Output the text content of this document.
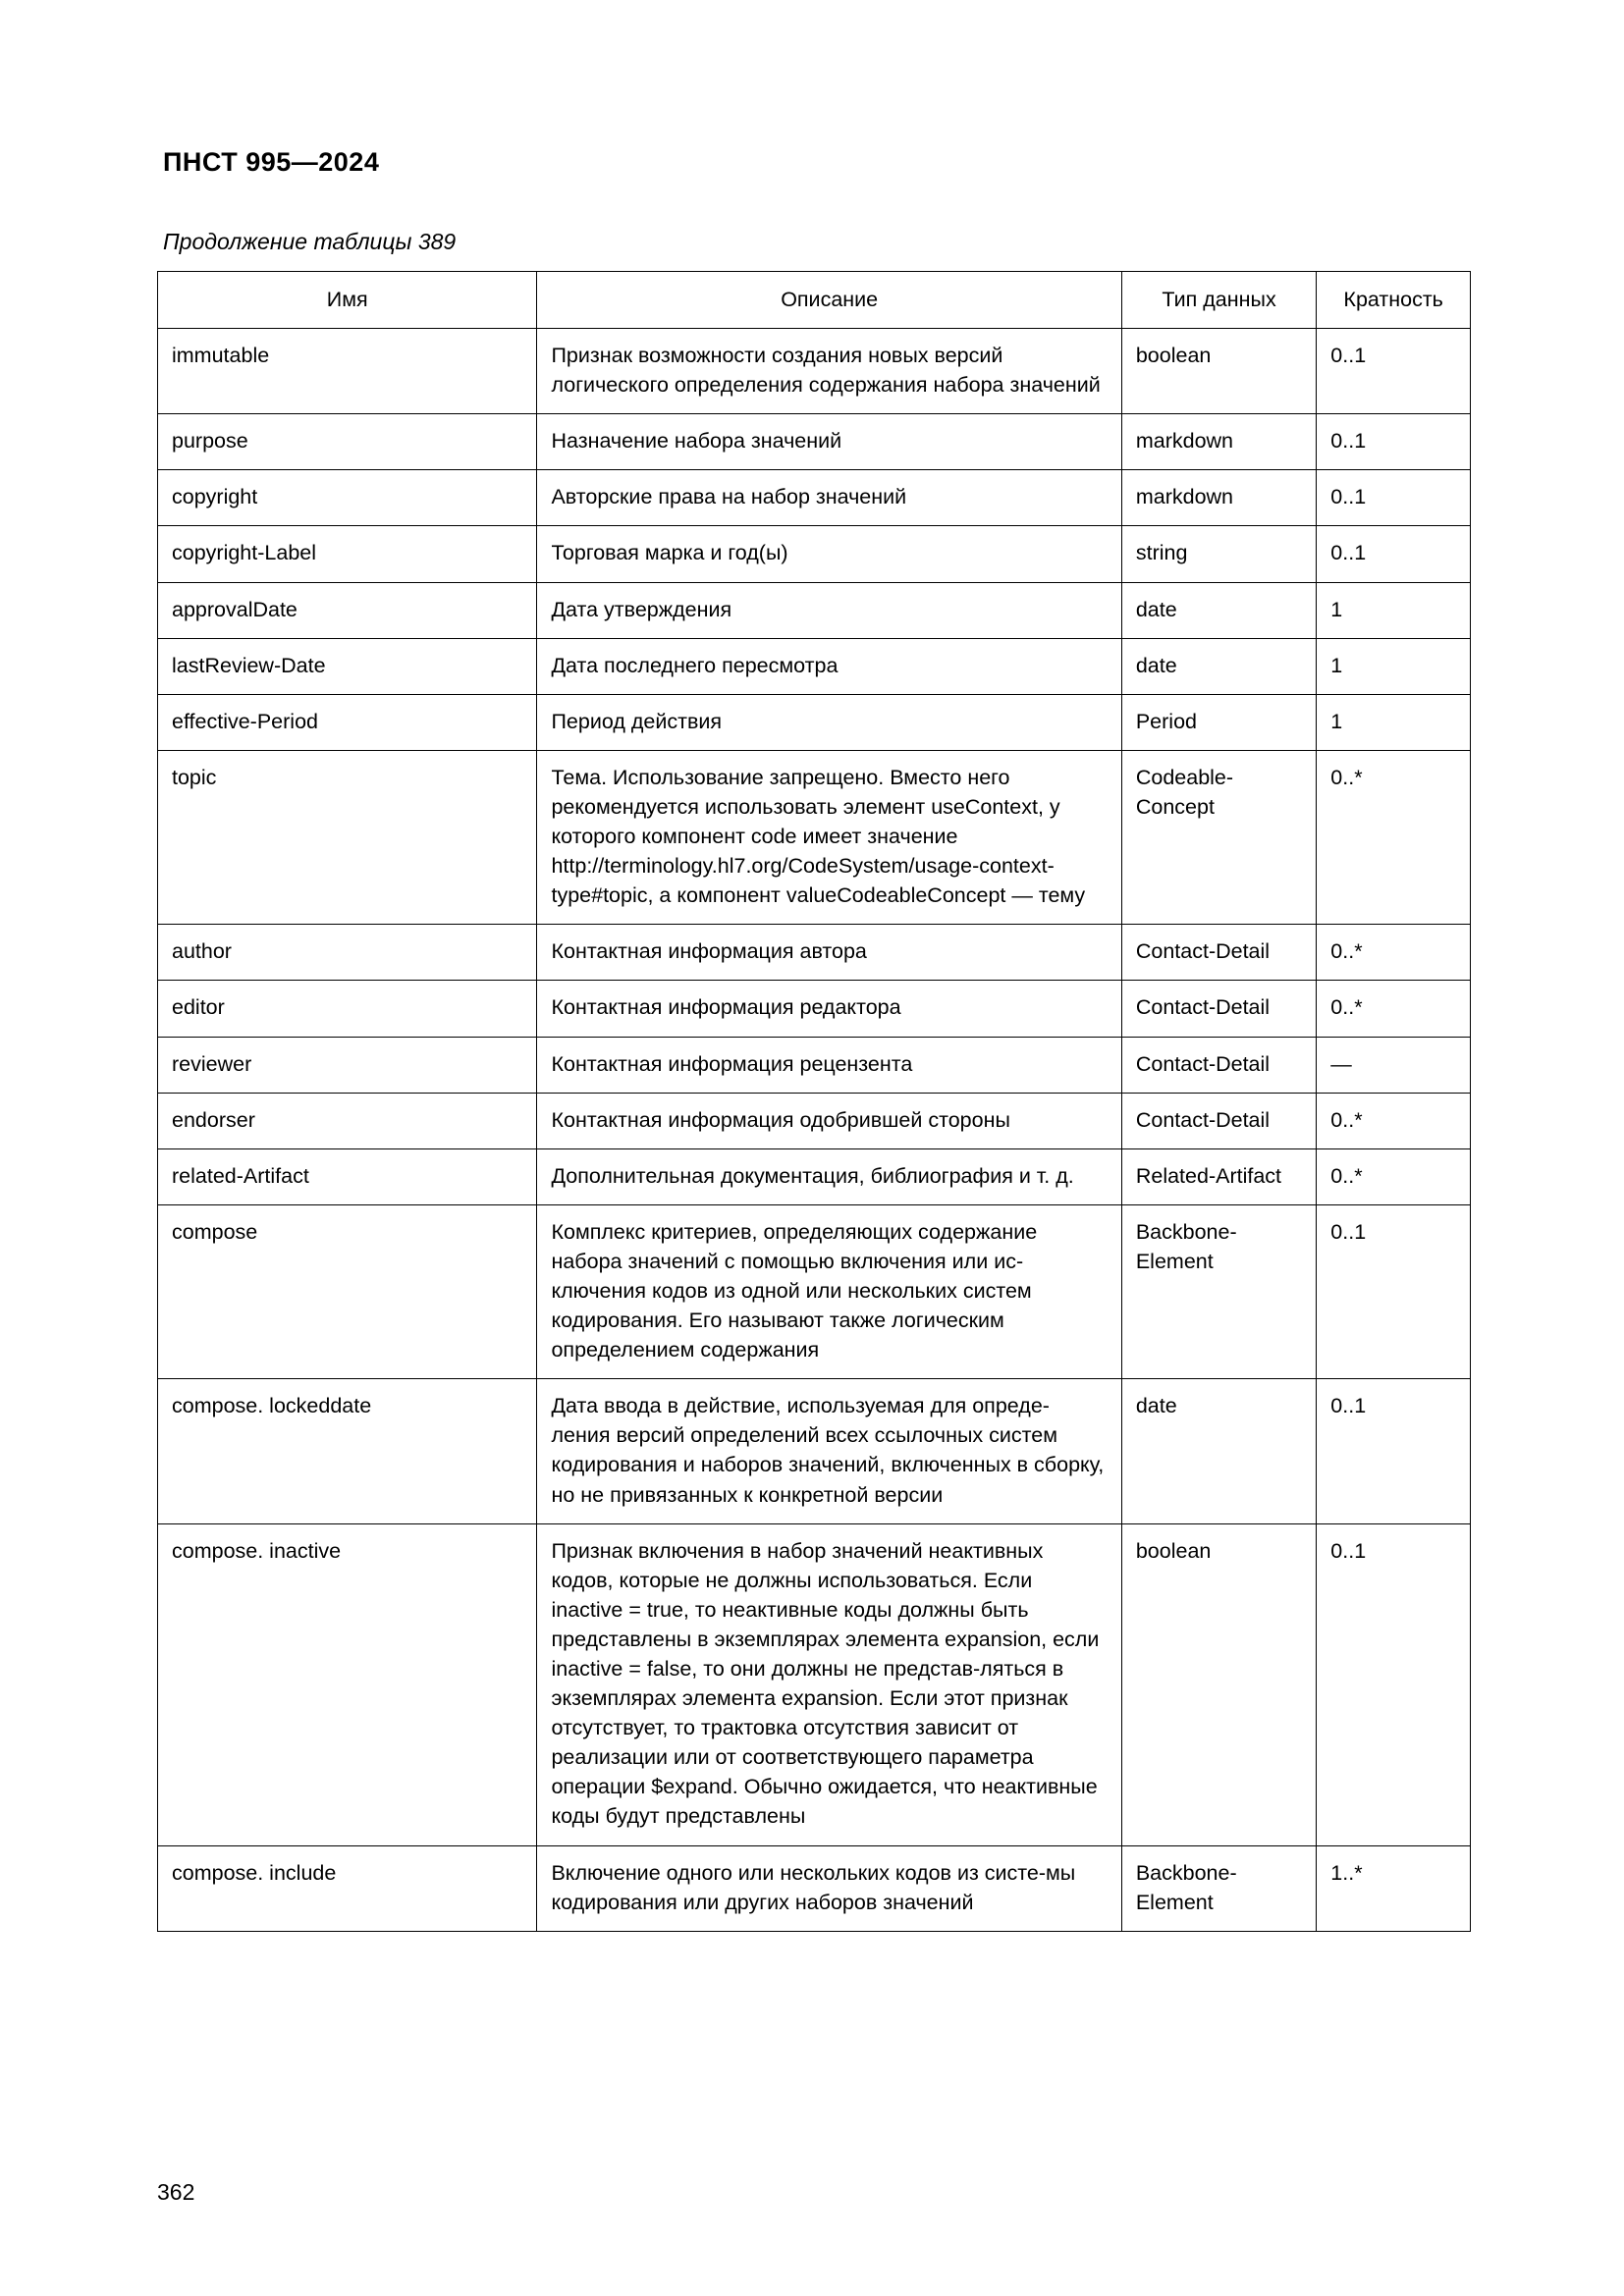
ПНСТ 995—2024
Продолжение таблицы 389
Имя	Описание	Тип данных	Кратность
immutable	Признак возможности создания новых версий логического определения содержания набора значений	boolean	0..1
purpose	Назначение набора значений	markdown	0..1
copyright	Авторские права на набор значений	markdown	0..1
copyright-Label	Торговая марка и год(ы)	string	0..1
approvalDate	Дата утверждения	date	1
lastReview-Date	Дата последнего пересмотра	date	1
effective-Period	Период действия	Period	1
topic	Тема. Использование запрещено. Вместо него рекомендуется использовать элемент useContext, у которого компонент code имеет значение http://terminology.hl7.org/CodeSystem/usage-context-type#topic, а компонент valueCodeableConcept — тему	Codeable-Concept	0..*
author	Контактная информация автора	Contact-Detail	0..*
editor	Контактная информация редактора	Contact-Detail	0..*
reviewer	Контактная информация рецензента	Contact-Detail	—
endorser	Контактная информация одобрившей стороны	Contact-Detail	0..*
related-Artifact	Дополнительная документация, библиография и т. д.	Related-Artifact	0..*
compose	Комплекс критериев, определяющих содержание набора значений с помощью включения или ис-ключения кодов из одной или нескольких систем кодирования. Его называют также логическим определением содержания	Backbone-Element	0..1
compose. lockeddate	Дата ввода в действие, используемая для опреде-ления версий определений всех ссылочных систем кодирования и наборов значений, включенных в сборку, но не привязанных к конкретной версии	date	0..1
compose. inactive	Признак включения в набор значений неактивных кодов, которые не должны использоваться. Если inactive = true, то неактивные коды должны быть представлены в экземплярах элемента expansion, если inactive = false, то они должны не представ-ляться в экземплярах элемента expansion. Если этот признак отсутствует, то трактовка отсутствия зависит от реализации или от соответствующего параметра операции $expand. Обычно ожидается, что неактивные коды будут представлены	boolean	0..1
compose. include	Включение одного или нескольких кодов из систе-мы кодирования или других наборов значений	Backbone-Element	1..*
362
